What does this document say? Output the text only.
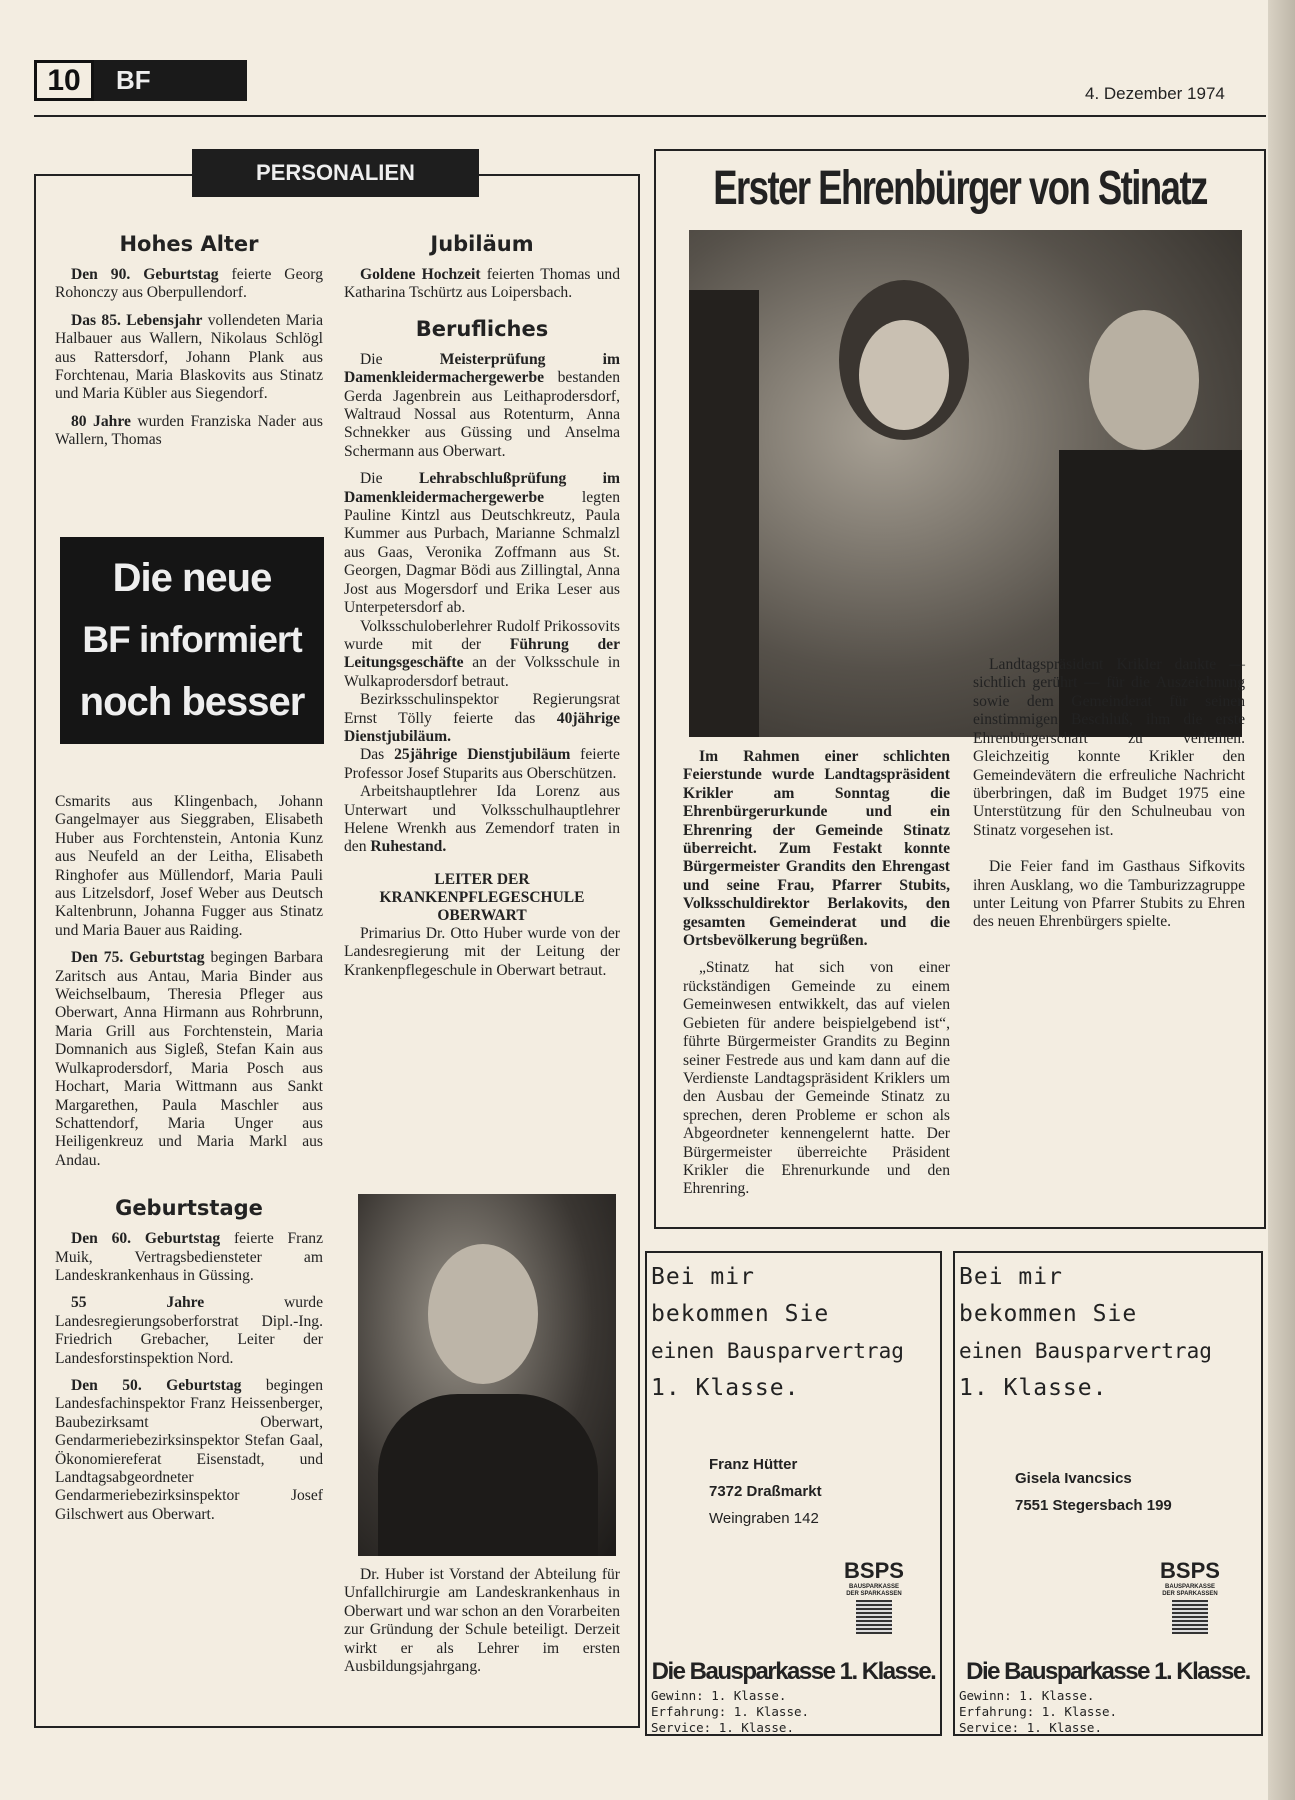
10	BF	4. Dezember 1974
PERSONALIEN
Hohes Alter

Den 90. Geburtstag feierte Georg Rohonczy aus Oberpullendorf.

Das 85. Lebensjahr vollendeten Maria Halbauer aus Wallern, Nikolaus Schlögl aus Rattersdorf, Johann Plank aus Forchtenau, Maria Blaskovits aus Stinatz und Maria Kübler aus Siegendorf.

80 Jahre wurden Franziska Nader aus Wallern, Thomas

Die neue
BF informiert
noch besser

Csmarits aus Klingenbach, Johann Gangelmayer aus Sieggraben, Elisabeth Huber aus Forchtenstein, Antonia Kunz aus Neufeld an der Leitha, Elisabeth Ringhofer aus Müllendorf, Maria Pauli aus Litzelsdorf, Josef Weber aus Deutsch Kaltenbrunn, Johanna Fugger aus Stinatz und Maria Bauer aus Raiding.

Den 75. Geburtstag begingen Barbara Zaritsch aus Antau, Maria Binder aus Weichselbaum, Theresia Pfleger aus Oberwart, Anna Hirmann aus Rohrbrunn, Maria Grill aus Forchtenstein, Maria Domnanich aus Sigleß, Stefan Kain aus Wulkaprodersdorf, Maria Posch aus Hochart, Maria Wittmann aus Sankt Margarethen, Paula Maschler aus Schattendorf, Maria Unger aus Heiligenkreuz und Maria Markl aus Andau.

Geburtstage

Den 60. Geburtstag feierte Franz Muik, Vertragsbediensteter am Landeskrankenhaus in Güssing.

55 Jahre wurde Landesregierungsoberforstrat Dipl.-Ing. Friedrich Grebacher, Leiter der Landesforstinspektion Nord.

Den 50. Geburtstag begingen Landesfachinspektor Franz Heissenberger, Baubezirksamt Oberwart, Gendarmeriebezirksinspektor Stefan Gaal, Ökonomiereferat Eisenstadt, und Landtagsabgeordneter Gendarmeriebezirksinspektor Josef Gilschwert aus Oberwart.

Jubiläum

Goldene Hochzeit feierten Thomas und Katharina Tschürtz aus Loipersbach.

Berufliches

Die Meisterprüfung im Damenkleidermachergewerbe bestanden Gerda Jagenbrein aus Leithaprodersdorf, Waltraud Nossal aus Rotenturm, Anna Schnekker aus Güssing und Anselma Schermann aus Oberwart.

Die Lehrabschlußprüfung im Damenkleidermachergewerbe legten Pauline Kintzl aus Deutschkreutz, Paula Kummer aus Purbach, Marianne Schmalzl aus Gaas, Veronika Zoffmann aus St. Georgen, Dagmar Bödi aus Zillingtal, Anna Jost aus Mogersdorf und Erika Leser aus Unterpetersdorf ab.

Volksschuloberlehrer Rudolf Prikossovits wurde mit der Führung der Leitungsgeschäfte an der Volksschule in Wulkaprodersdorf betraut.

Bezirksschulinspektor Regierungsrat Ernst Tölly feierte das 40jährige Dienstjubiläum.

Das 25jährige Dienstjubiläum feierte Professor Josef Stuparits aus Oberschützen.

Arbeitshauptlehrer Ida Lorenz aus Unterwart und Volksschulhauptlehrer Helene Wrenkh aus Zemendorf traten in den Ruhestand.

LEITER DER KRANKENPFLEGESCHULE OBERWART

Primarius Dr. Otto Huber wurde von der Landesregierung mit der Leitung der Krankenpflegeschule in Oberwart betraut.

Dr. Huber ist Vorstand der Abteilung für Unfallchirurgie am Landeskrankenhaus in Oberwart und war schon an den Vorarbeiten zur Gründung der Schule beteiligt. Derzeit wirkt er als Lehrer im ersten Ausbildungsjahrgang.

Erster Ehrenbürger von Stinatz

Im Rahmen einer schlichten Feierstunde wurde Landtagspräsident Krikler am Sonntag die Ehrenbürgerurkunde und ein Ehrenring der Gemeinde Stinatz überreicht. Zum Festakt konnte Bürgermeister Grandits den Ehrengast und seine Frau, Pfarrer Stubits, Volksschuldirektor Berlakovits, den gesamten Gemeinderat und die Ortsbevölkerung begrüßen.

„Stinatz hat sich von einer rückständigen Gemeinde zu einem Gemeinwesen entwikkelt, das auf vielen Gebieten für andere beispielgebend ist“, führte Bürgermeister Grandits zu Beginn seiner Festrede aus und kam dann auf die Verdienste Landtagspräsident Kriklers um den Ausbau der Gemeinde Stinatz zu sprechen, deren Probleme er schon als Abgeordneter kennengelernt hatte. Der Bürgermeister überreichte Präsident Krikler die Ehrenurkunde und den Ehrenring.

Landtagspräsident Krikler dankte — sichtlich gerührt — für die Auszeichnung sowie dem Gemeinderat für seinen einstimmigen Beschluß, ihm die erste Ehrenbürgerschaft zu verleihen. Gleichzeitig konnte Krikler den Gemeindevätern die erfreuliche Nachricht überbringen, daß im Budget 1975 eine Unterstützung für den Schulneubau von Stinatz vorgesehen ist.

Die Feier fand im Gasthaus Sifkovits ihren Ausklang, wo die Tamburizzagruppe unter Leitung von Pfarrer Stubits zu Ehren des neuen Ehrenbürgers spielte.

Bei mir
bekommen Sie
einen Bausparvertrag
1. Klasse.
Franz Hütter
7372 Draßmarkt
Weingraben 142
BSPS
BAUSPARKASSE
DER SPARKASSEN
Die Bausparkasse 1. Klasse.
Gewinn: 1. Klasse.
Erfahrung: 1. Klasse.
Service: 1. Klasse.
Bei mir
bekommen Sie
einen Bausparvertrag
1. Klasse.
Gisela Ivancsics
7551 Stegersbach 199
BSPS
BAUSPARKASSE
DER SPARKASSEN
Die Bausparkasse 1. Klasse.
Gewinn: 1. Klasse.
Erfahrung: 1. Klasse.
Service: 1. Klasse.
